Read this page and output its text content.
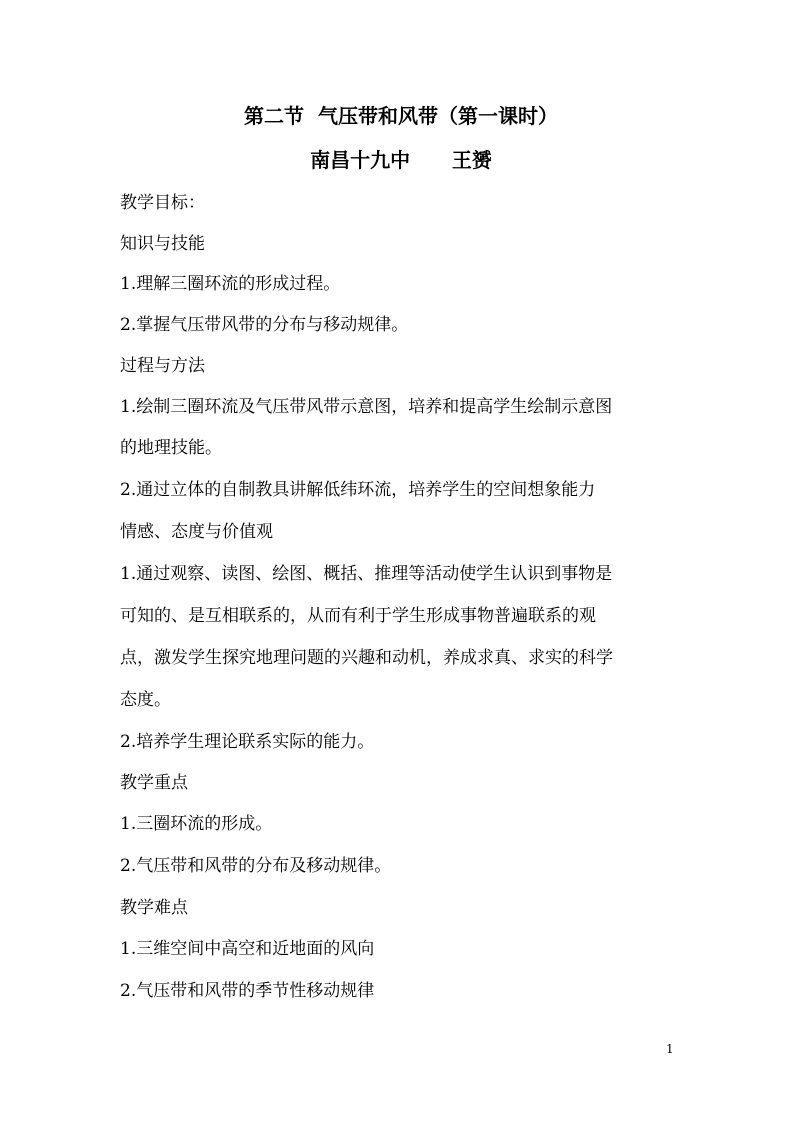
第二节  气压带和风带（第一课时）
南昌十九中      王赟
教学目标：
知识与技能
1.理解三圈环流的形成过程。
2.掌握气压带风带的分布与移动规律。
过程与方法
1.绘制三圈环流及气压带风带示意图，培养和提高学生绘制示意图
的地理技能。
2.通过立体的自制教具讲解低纬环流，培养学生的空间想象能力
情感、态度与价值观
1.通过观察、读图、绘图、概括、推理等活动使学生认识到事物是
可知的、是互相联系的，从而有利于学生形成事物普遍联系的观
点，激发学生探究地理问题的兴趣和动机，养成求真、求实的科学
态度。
2.培养学生理论联系实际的能力。
教学重点
1.三圈环流的形成。
2.气压带和风带的分布及移动规律。
教学难点
1.三维空间中高空和近地面的风向
2.气压带和风带的季节性移动规律
1
